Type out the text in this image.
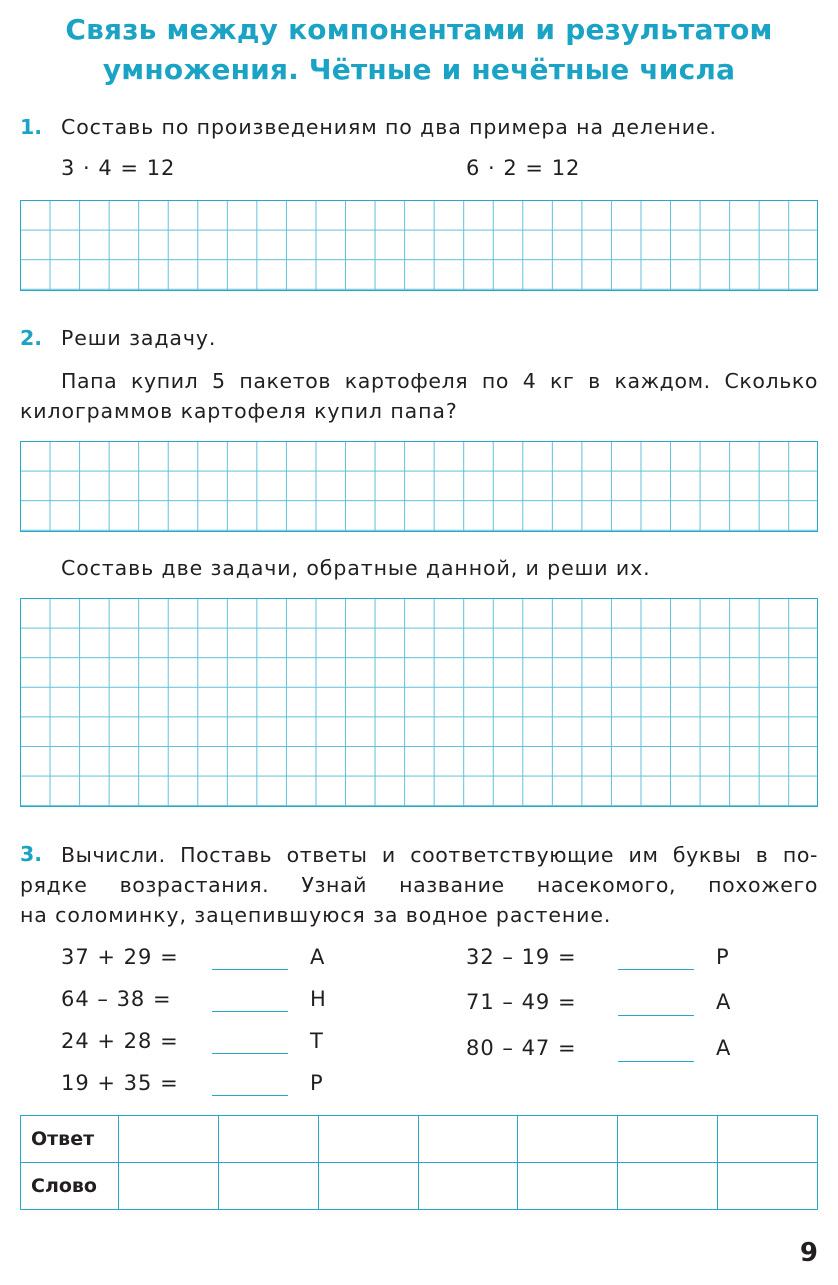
Связь между компонентами и результатом
умножения. Чётные и нечётные числа
1. Составь по произведениям по два примера на деление.
3 · 4 = 12	6 · 2 = 12
2. Реши задачу.
Папа купил 5 пакетов картофеля по 4 кг в каждом. Сколько
килограммов картофеля купил папа?
Составь две задачи, обратные данной, и реши их.
3. Вычисли. Поставь ответы и соответствующие им буквы в по-
рядке возрастания. Узнай название насекомого, похожего
на соломинку, зацепившуюся за водное растение.
37 + 29 =	А
64 – 38 =	Н
24 + 28 =	Т
19 + 35 =	Р
32 – 19 =	Р
71 – 49 =	А
80 – 47 =	А
Ответ							
Слово							
9
